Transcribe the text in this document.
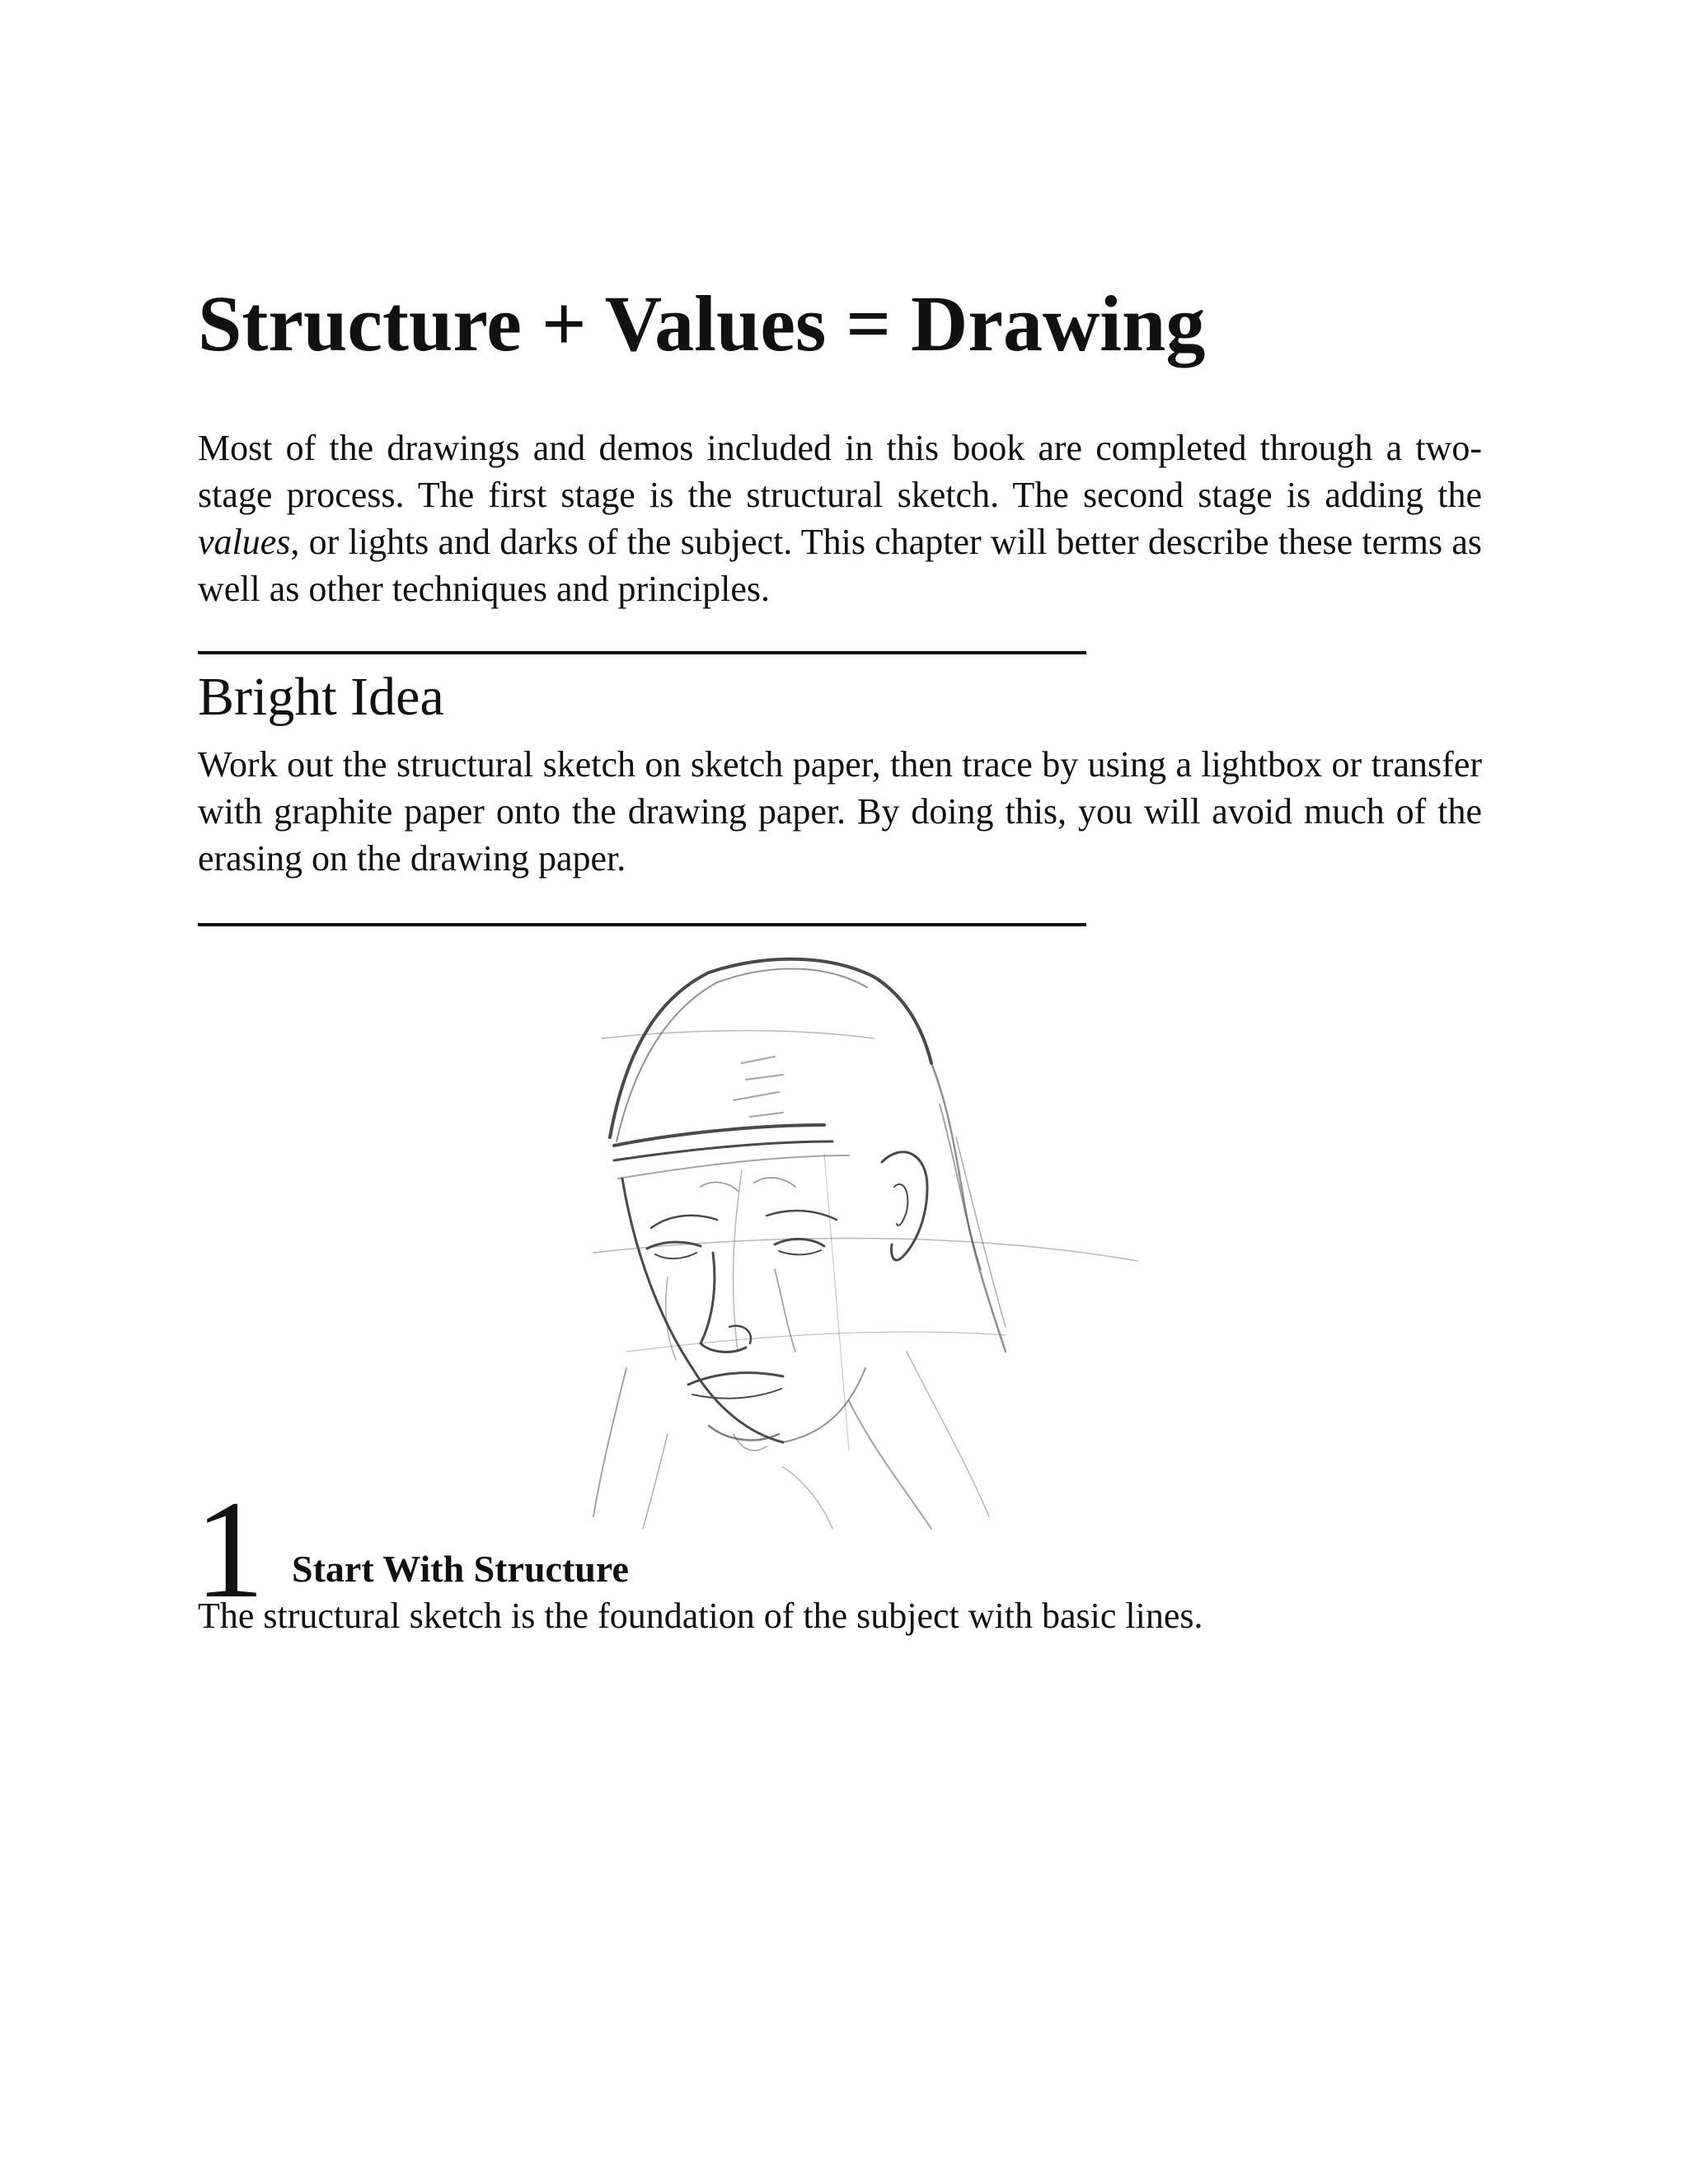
Structure + Values = Drawing

Most of the drawings and demos included in this book are completed through a two-stage process. The first stage is the structural sketch. The second stage is adding the values, or lights and darks of the subject. This chapter will better describe these terms as well as other techniques and principles.

Bright Idea

Work out the structural sketch on sketch paper, then trace by using a lightbox or transfer with graphite paper onto the drawing paper. By doing this, you will avoid much of the erasing on the drawing paper.

1 Start With Structure
The structural sketch is the foundation of the subject with basic lines.
